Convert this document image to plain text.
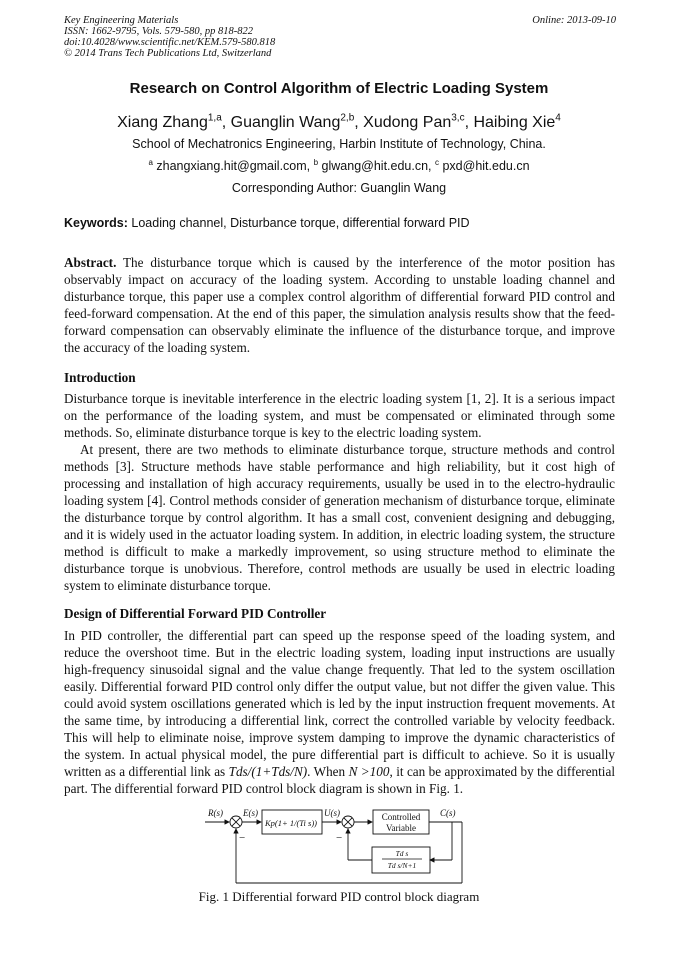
Key Engineering Materials
ISSN: 1662-9795, Vols. 579-580, pp 818-822
doi:10.4028/www.scientific.net/KEM.579-580.818
© 2014 Trans Tech Publications Ltd, Switzerland
Online: 2013-09-10
Research on Control Algorithm of Electric Loading System
Xiang Zhang$^{1,a}$, Guanglin Wang$^{2,b}$, Xudong Pan$^{3,c}$, Haibing Xie$^4$
School of Mechatronics Engineering, Harbin Institute of Technology, China.
$^a$ zhangxiang.hit@gmail.com, $^b$ glwang@hit.edu.cn, $^c$ pxd@hit.edu.cn
Corresponding Author: Guanglin Wang
Keywords: Loading channel, Disturbance torque, differential forward PID

Abstract. The disturbance torque which is caused by the interference of the motor position has observably impact on accuracy of the loading system. According to unstable loading channel and disturbance torque, this paper use a complex control algorithm of differential forward PID control and feed-forward compensation. At the end of this paper, the simulation analysis results show that the feed-forward compensation can observably eliminate the influence of the disturbance torque, and improve the accuracy of the loading system.

Introduction

Disturbance torque is inevitable interference in the electric loading system [1, 2]. It is a serious impact on the performance of the loading system, and must be compensated or eliminated through some methods. So, eliminate disturbance torque is key to the electric loading system.

At present, there are two methods to eliminate disturbance torque, structure methods and control methods [3]. Structure methods have stable performance and high reliability, but it cost high of processing and installation of high accuracy requirements, usually be used in to the electro-hydraulic loading system [4]. Control methods consider of generation mechanism of disturbance torque, eliminate the disturbance torque by control algorithm. It has a small cost, convenient designing and debugging, and it is widely used in the actuator loading system. In addition, in electric loading system, the structure method is difficult to make a markedly improvement, so using structure method to eliminate the disturbance torque is unobvious. Therefore, control methods are usually be used in electric loading system to eliminate disturbance torque.

Design of Differential Forward PID Controller

In PID controller, the differential part can speed up the response speed of the loading system, and reduce the overshoot time. But in the electric loading system, loading input instructions are usually high-frequency sinusoidal signal and the value change frequently. That led to the system oscillation easily. Differential forward PID control only differ the output value, but not differ the given value. This could avoid system oscillations generated which is led by the input instruction frequent movements. At the same time, by introducing a differential link, correct the controlled variable by velocity feedback. This will help to eliminate noise, improve system damping to improve the dynamic characteristics of the system. In actual physical model, the pure differential part is difficult to achieve. So it is usually written as a differential link as Tds/(1+Tds/N). When N >100, it can be approximated by the differential part. The differential forward PID control block diagram is shown in Fig. 1.

R(s) E(s)	U(s)	C(s)
Kp(1+ 1/(Ti s))
Controlled
Variable
Td s
Td s/N+1
−	−
Fig. 1 Differential forward PID control block diagram
